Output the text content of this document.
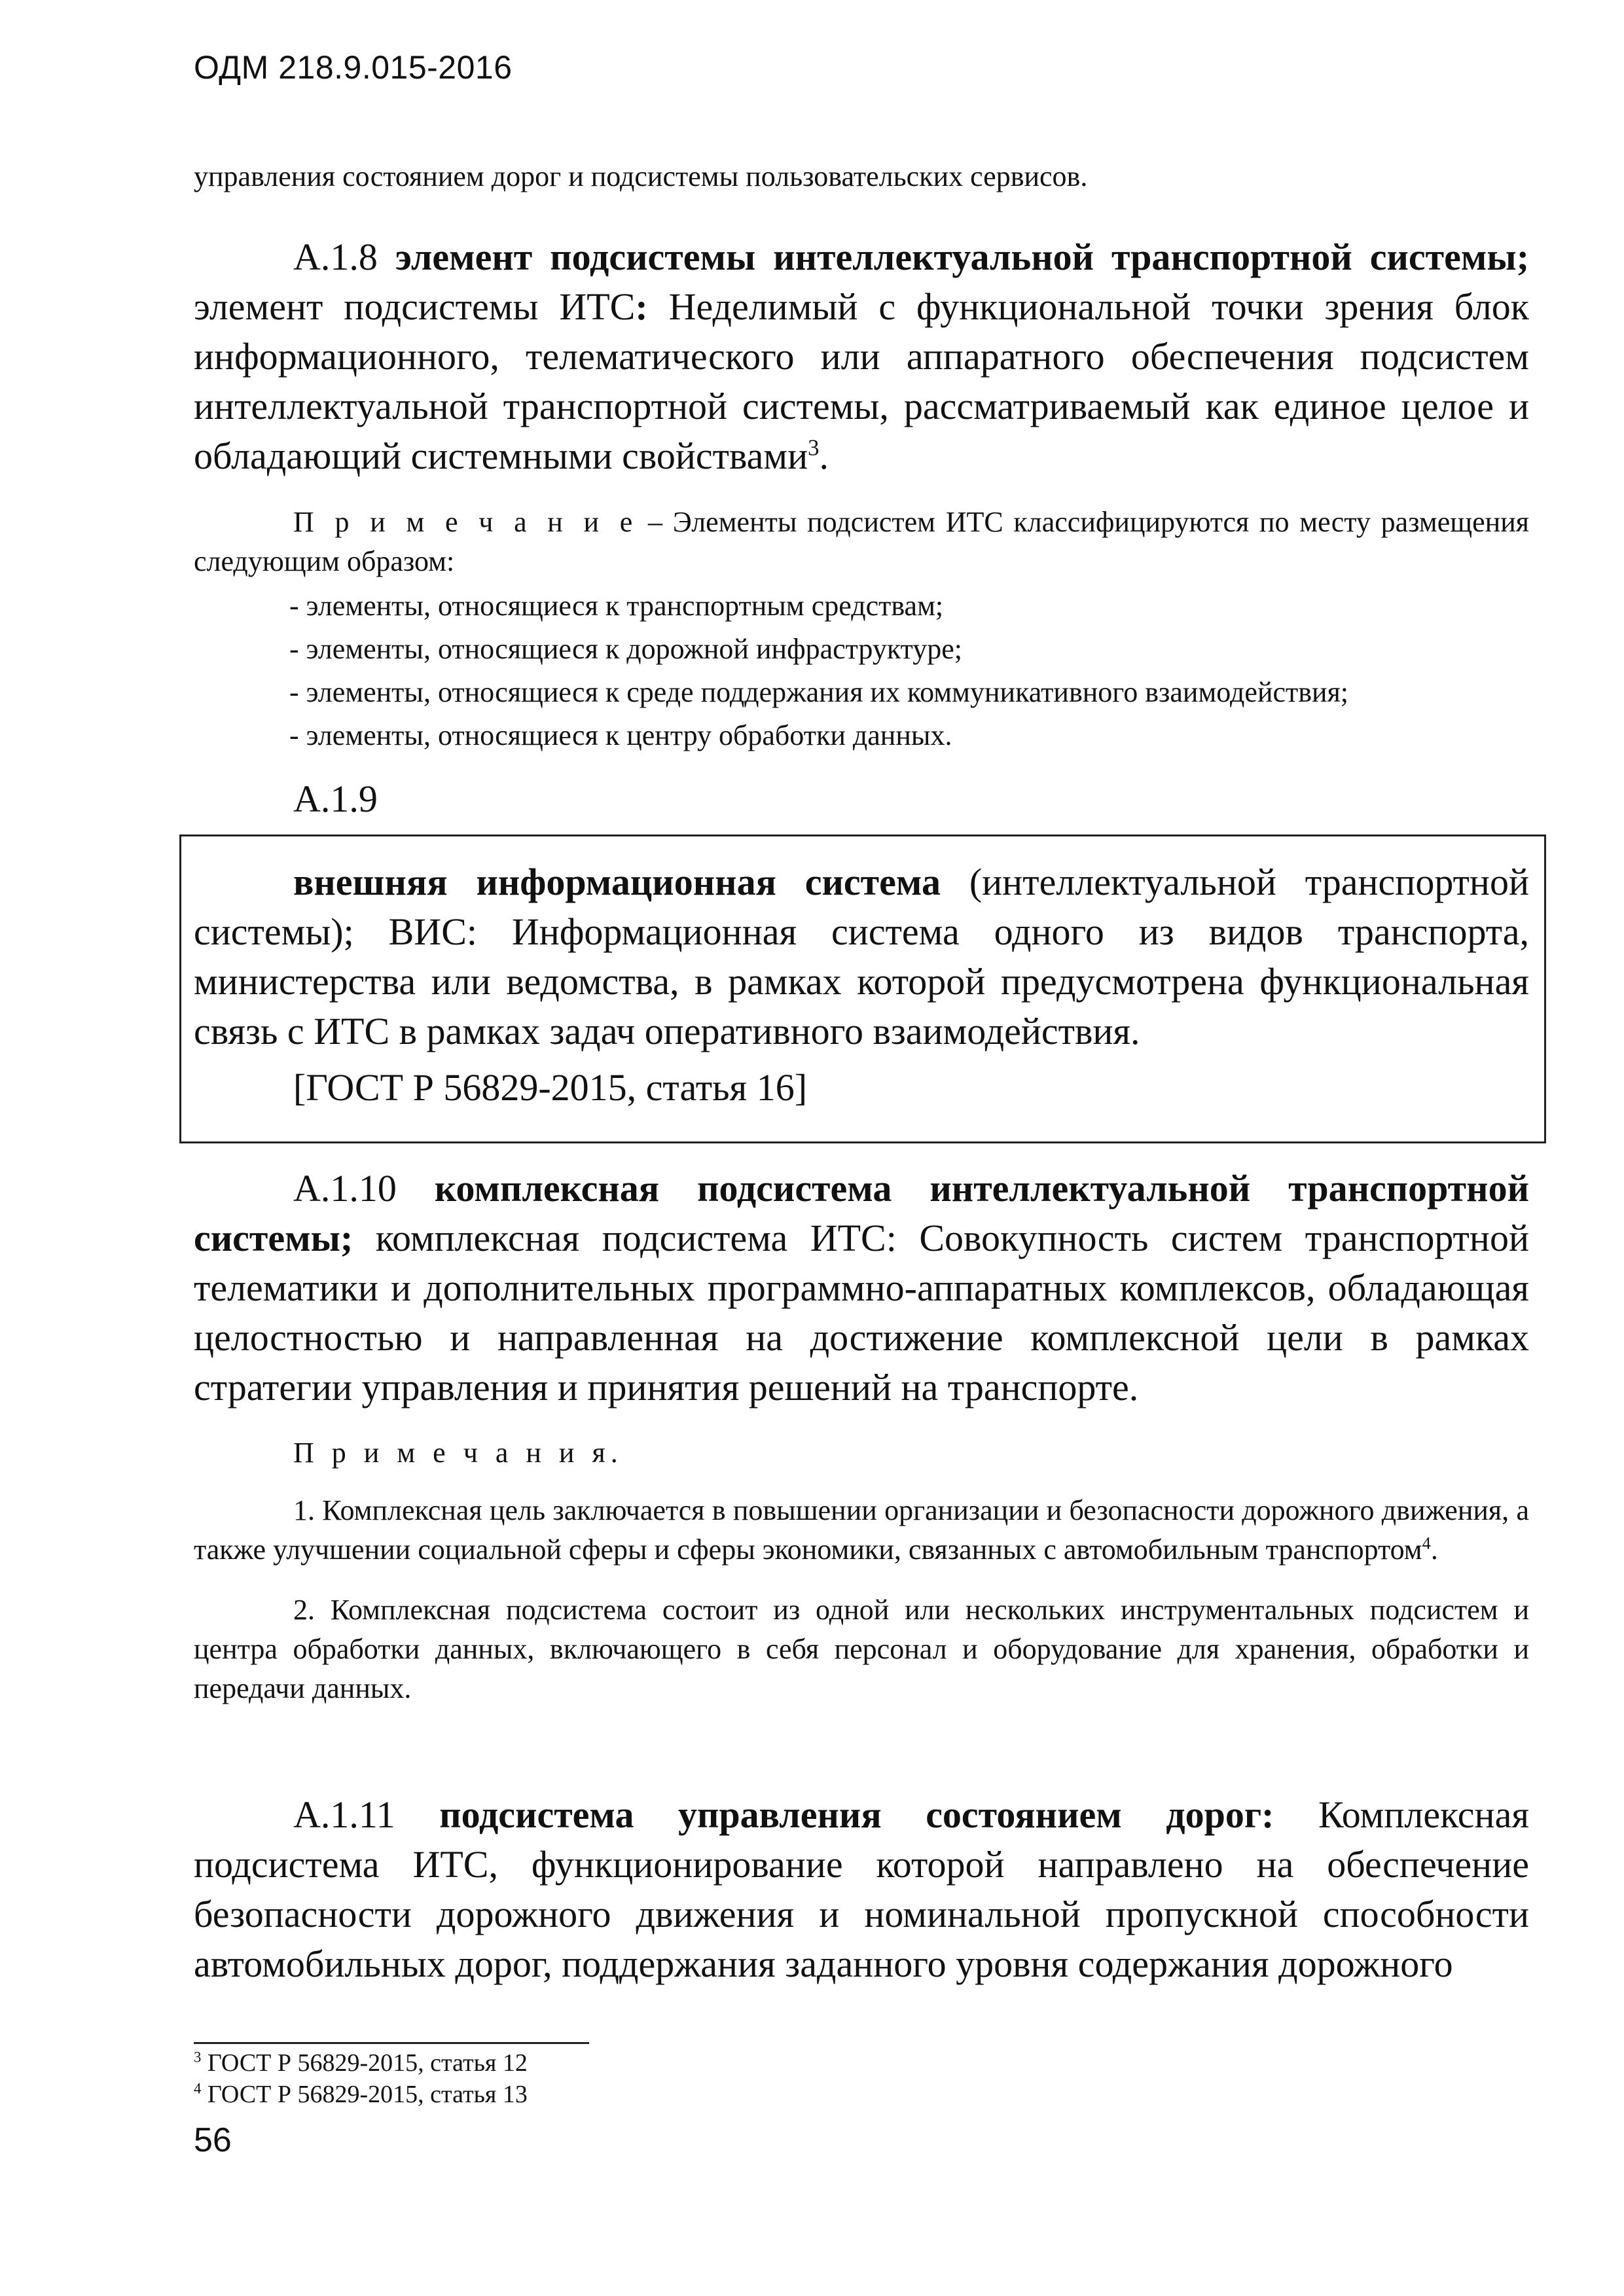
ОДМ 218.9.015-2016

управления состоянием дорог и подсистемы пользовательских сервисов.

А.1.8 элемент подсистемы интеллектуальной транспортной системы; элемент подсистемы ИТС: Неделимый с функциональной точки зрения блок информационного, телематического или аппаратного обеспечения подсистем интеллектуальной транспортной системы, рассматриваемый как единое целое и обладающий системными свойствами$^3$.

П р и м е ч а н и е – Элементы подсистем ИТС классифицируются по месту размещения следующим образом:

- элементы, относящиеся к транспортным средствам;

- элементы, относящиеся к дорожной инфраструктуре;

- элементы, относящиеся к среде поддержания их коммуникативного взаимодействия;

- элементы, относящиеся к центру обработки данных.

А.1.9

внешняя информационная система (интеллектуальной транспортной системы); ВИС: Информационная система одного из видов транспорта, министерства или ведомства, в рамках которой предусмотрена функциональная связь с ИТС в рамках задач оперативного взаимодействия.

[ГОСТ Р 56829-2015, статья 16]

А.1.10 комплексная подсистема интеллектуальной транспортной системы; комплексная подсистема ИТС: Совокупность систем транспортной телематики и дополнительных программно-аппаратных комплексов, обладающая целостностью и направленная на достижение комплексной цели в рамках стратегии управления и принятия решений на транспорте.

П р и м е ч а н и я.

1. Комплексная цель заключается в повышении организации и безопасности дорожного движения, а также улучшении социальной сферы и сферы экономики, связанных с автомобильным транспортом$^4$.

2. Комплексная подсистема состоит из одной или нескольких инструментальных подсистем и центра обработки данных, включающего в себя персонал и оборудование для хранения, обработки и передачи данных.

А.1.11 подсистема управления состоянием дорог: Комплексная подсистема ИТС, функционирование которой направлено на обеспечение безопасности дорожного движения и номинальной пропускной способности автомобильных дорог, поддержания заданного уровня содержания дорожного

$^3$ ГОСТ Р 56829-2015, статья 12
$^4$ ГОСТ Р 56829-2015, статья 13
56
